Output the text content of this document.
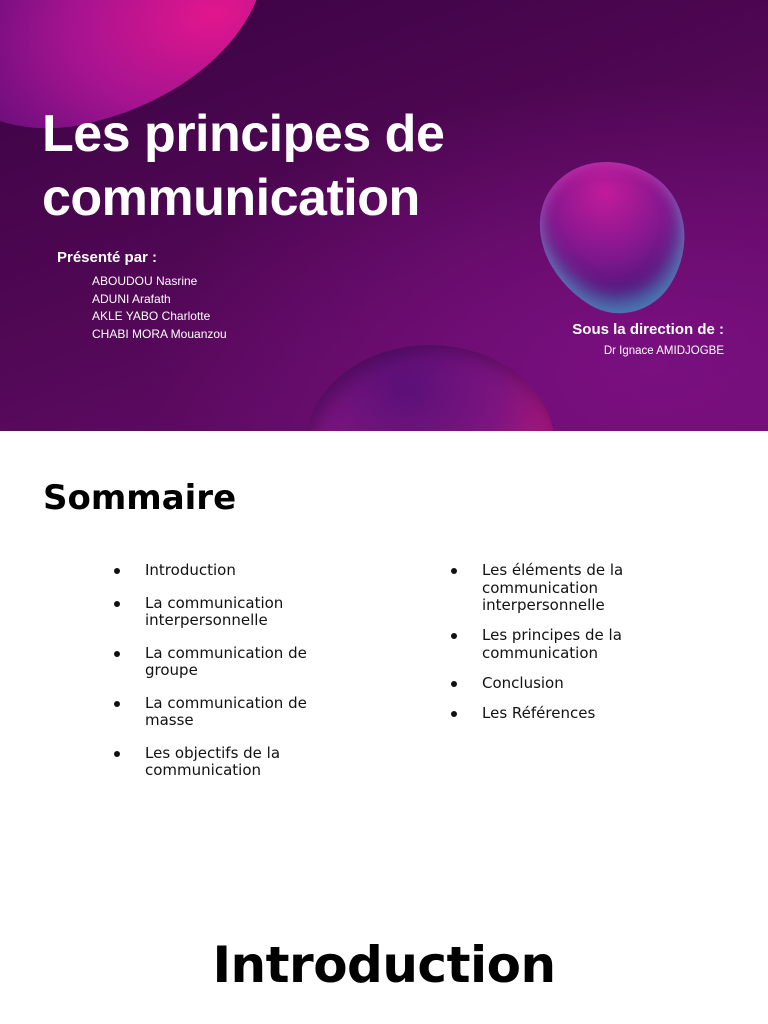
Les principes de
communication

Présenté par :

ABOUDOU Nasrine
ADUNI Arafath
AKLE YABO Charlotte
CHABI MORA Mouanzou	Sous la direction de :

Dr Ignace AMIDJOGBE

Sommaire
Introduction
La communication interpersonnelle
La communication de groupe
La communication de masse
Les objectifs de la communication
Les éléments de la communication interpersonnelle
Les principes de la communication
Conclusion
Les Références
Introduction
